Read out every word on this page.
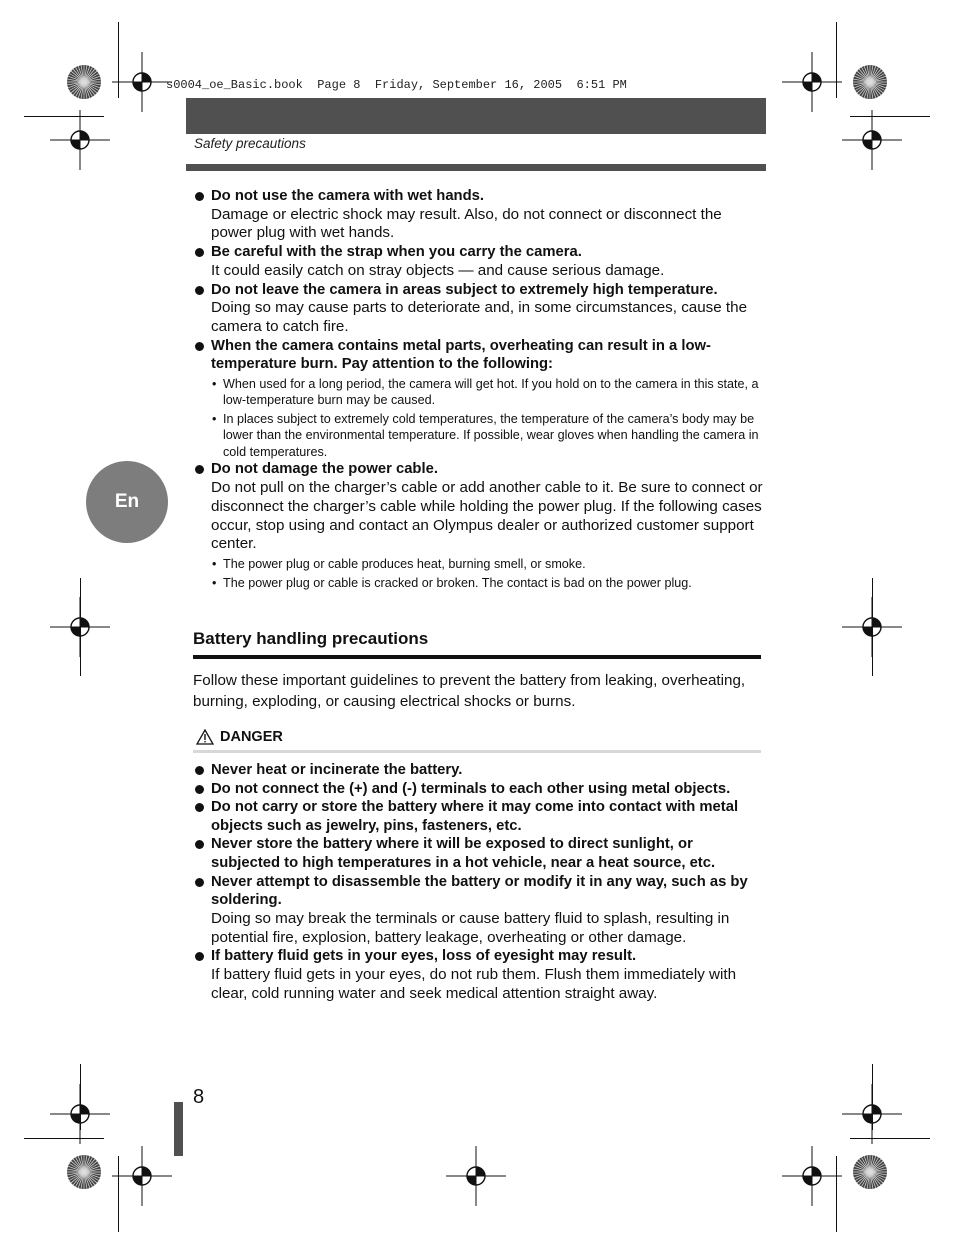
s0004_oe_Basic.book  Page 8  Friday, September 16, 2005  6:51 PM
Safety precautions
En
Do not use the camera with wet hands.
Damage or electric shock may result. Also, do not connect or disconnect the power plug with wet hands.
Be careful with the strap when you carry the camera.
It could easily catch on stray objects — and cause serious damage.
Do not leave the camera in areas subject to extremely high temperature.
Doing so may cause parts to deteriorate and, in some circumstances, cause the camera to catch fire.
When the camera contains metal parts, overheating can result in a low-temperature burn. Pay attention to the following:
• When used for a long period, the camera will get hot. If you hold on to the camera in this state, a low-temperature burn may be caused.
• In places subject to extremely cold temperatures, the temperature of the camera’s body may be lower than the environmental temperature. If possible, wear gloves when handling the camera in cold temperatures.
Do not damage the power cable.
Do not pull on the charger’s cable or add another cable to it. Be sure to connect or disconnect the charger’s cable while holding the power plug. If the following cases occur, stop using and contact an Olympus dealer or authorized customer support center.
• The power plug or cable produces heat, burning smell, or smoke.
• The power plug or cable is cracked or broken. The contact is bad on the power plug.
Battery handling precautions
Follow these important guidelines to prevent the battery from leaking, overheating, burning, exploding, or causing electrical shocks or burns.
DANGER
Never heat or incinerate the battery.
Do not connect the (+) and (-) terminals to each other using metal objects.
Do not carry or store the battery where it may come into contact with metal objects such as jewelry, pins, fasteners, etc.
Never store the battery where it will be exposed to direct sunlight, or subjected to high temperatures in a hot vehicle, near a heat source, etc.
Never attempt to disassemble the battery or modify it in any way, such as by soldering.
Doing so may break the terminals or cause battery fluid to splash, resulting in potential fire, explosion, battery leakage, overheating or other damage.
If battery fluid gets in your eyes, loss of eyesight may result.
If battery fluid gets in your eyes, do not rub them. Flush them immediately with clear, cold running water and seek medical attention straight away.
8
